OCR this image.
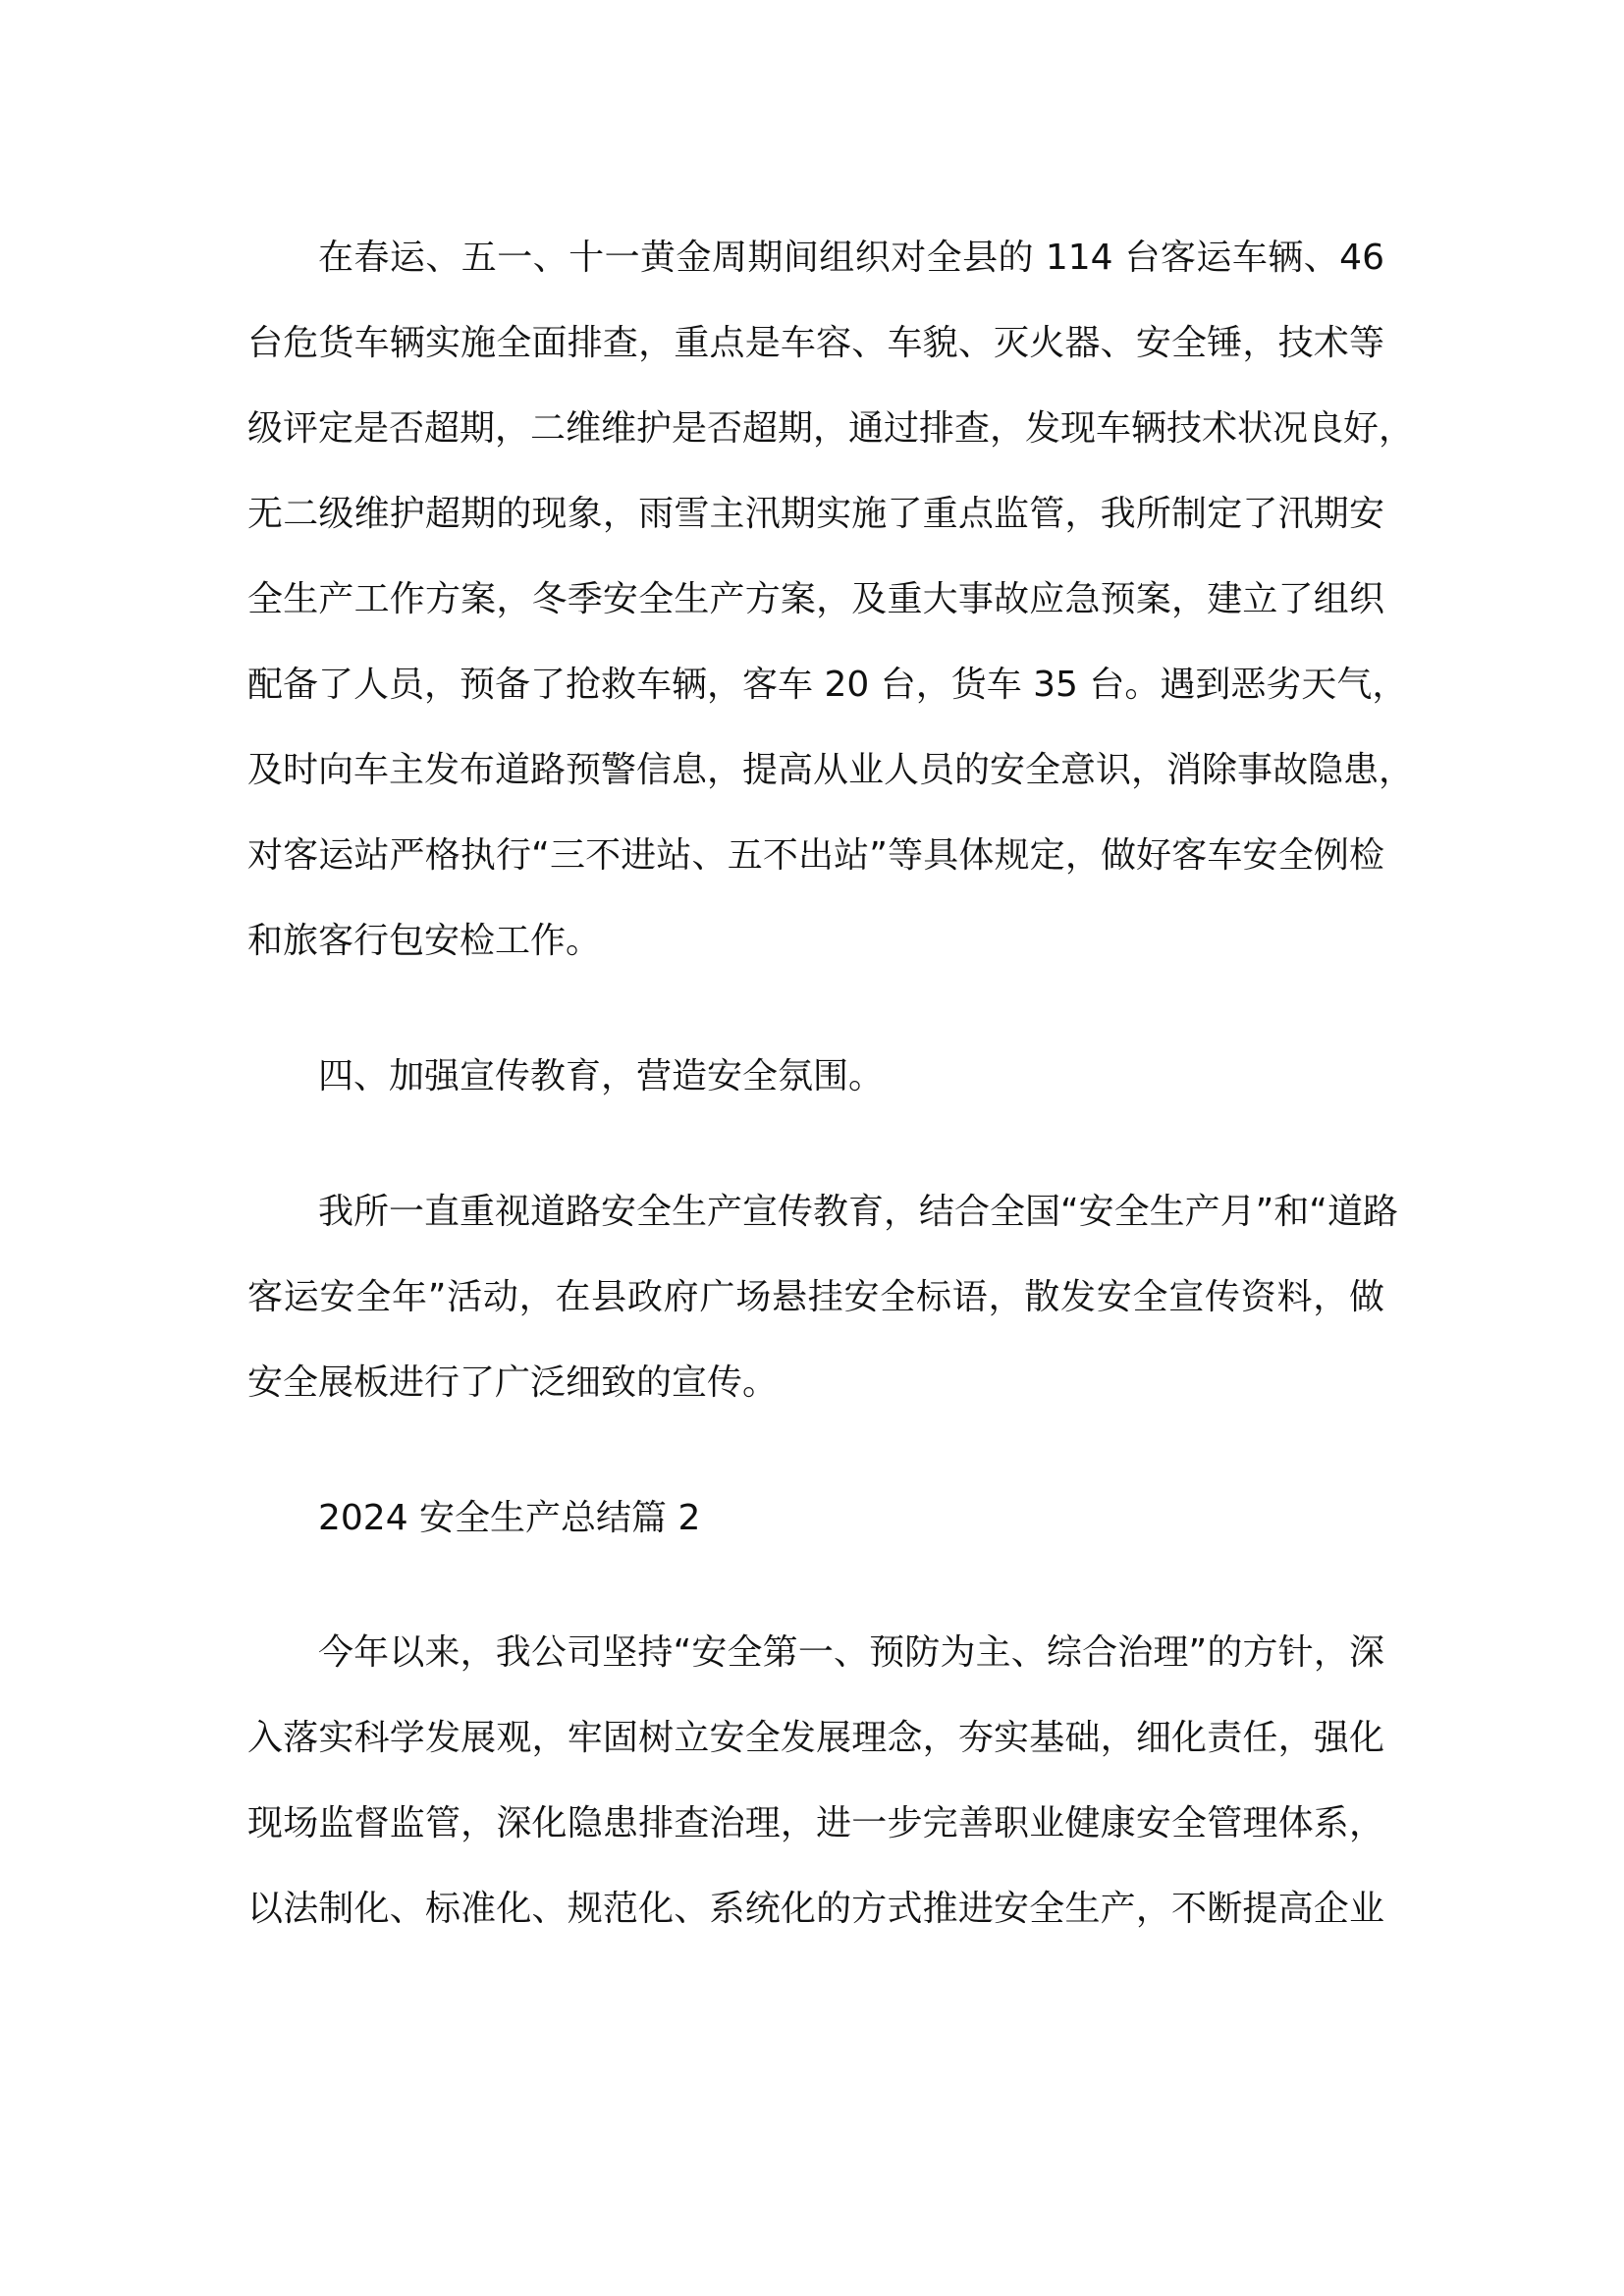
在春运、五一、十一黄金周期间组织对全县的 114 台客运车辆、46
台危货车辆实施全面排查，重点是车容、车貌、灭火器、安全锤，技术等
级评定是否超期，二维维护是否超期，通过排查，发现车辆技术状况良好，
无二级维护超期的现象，雨雪主汛期实施了重点监管，我所制定了汛期安
全生产工作方案，冬季安全生产方案，及重大事故应急预案，建立了组织
配备了人员，预备了抢救车辆，客车 20 台，货车 35 台。遇到恶劣天气，
及时向车主发布道路预警信息，提高从业人员的安全意识，消除事故隐患，
对客运站严格执行“三不进站、五不出站”等具体规定，做好客车安全例检
和旅客行包安检工作。
四、加强宣传教育，营造安全氛围。
我所一直重视道路安全生产宣传教育，结合全国“安全生产月”和“道路
客运安全年”活动，在县政府广场悬挂安全标语，散发安全宣传资料，做
安全展板进行了广泛细致的宣传。
2024 安全生产总结篇 2
今年以来，我公司坚持“安全第一、预防为主、综合治理”的方针，深
入落实科学发展观，牢固树立安全发展理念，夯实基础，细化责任，强化
现场监督监管，深化隐患排查治理，进一步完善职业健康安全管理体系，
以法制化、标准化、规范化、系统化的方式推进安全生产，不断提高企业
